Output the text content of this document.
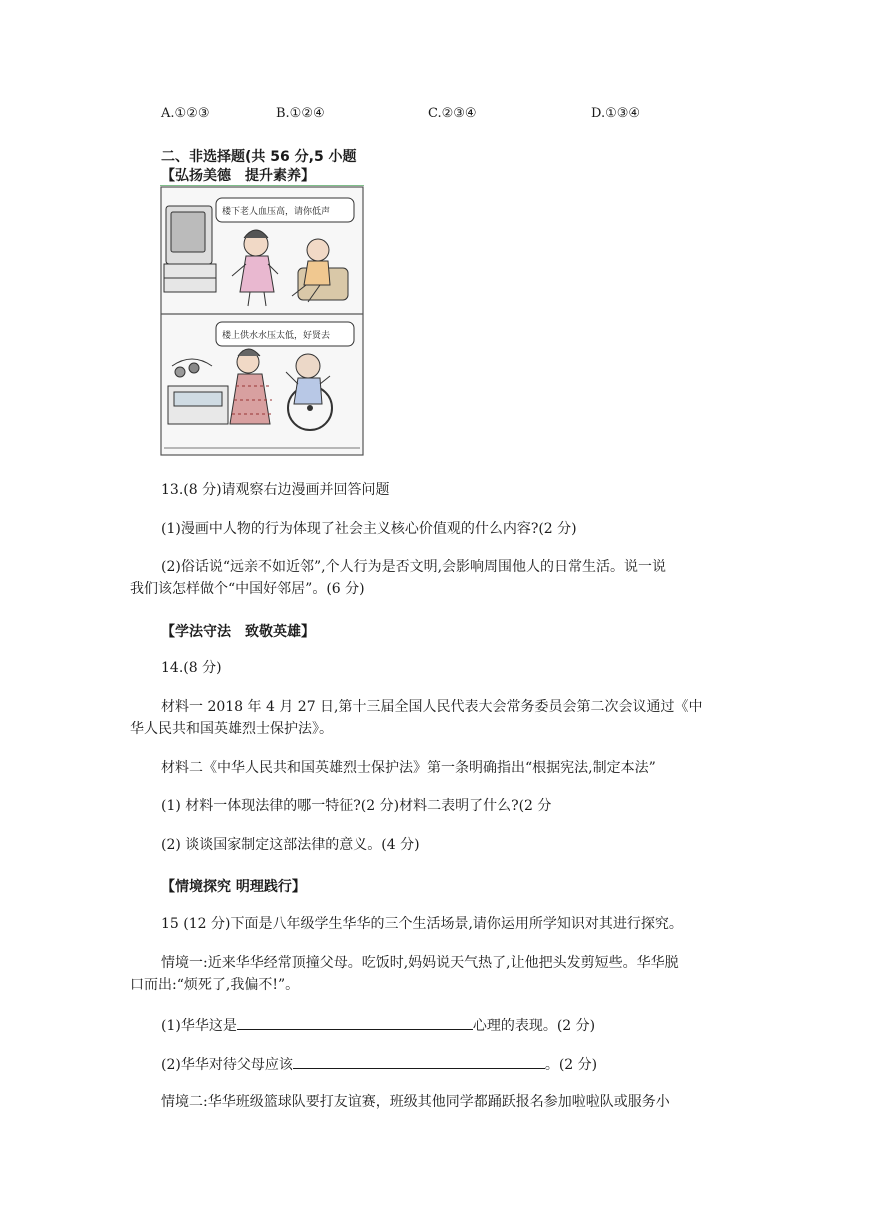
A.①②③	B.①②④	C.②③④	D.①③④
二、非选择题(共 56 分,5 小题
【弘扬美德　提升素养】
楼下老人血压高，请你低声
楼上供水水压太低，好贤去
13.(8 分)请观察右边漫画并回答问题
(1)漫画中人物的行为体现了社会主义核心价值观的什么内容?(2 分)
(2)俗话说“远亲不如近邻”,个人行为是否文明,会影响周围他人的日常生活。说一说
我们该怎样做个“中国好邻居”。(6 分)
【学法守法　致敬英雄】
14.(8 分)
材料一 2018 年 4 月 27 日,第十三届全国人民代表大会常务委员会第二次会议通过《中
华人民共和国英雄烈士保护法》。
材料二《中华人民共和国英雄烈士保护法》第一条明确指出“根据宪法,制定本法”
(1) 材料一体现法律的哪一特征?(2 分)材料二表明了什么?(2 分
(2) 谈谈国家制定这部法律的意义。(4 分)
【情境探究 明理践行】
15 (12 分)下面是八年级学生华华的三个生活场景,请你运用所学知识对其进行探究。
情境一:近来华华经常顶撞父母。吃饭时,妈妈说天气热了,让他把头发剪短些。华华脱
口而出:“烦死了,我偏不!”。
(1)华华这是	心理的表现。(2 分)
(2)华华对待父母应该	。(2 分)
情境二:华华班级篮球队要打友谊赛，班级其他同学都踊跃报名参加啦啦队或服务小
